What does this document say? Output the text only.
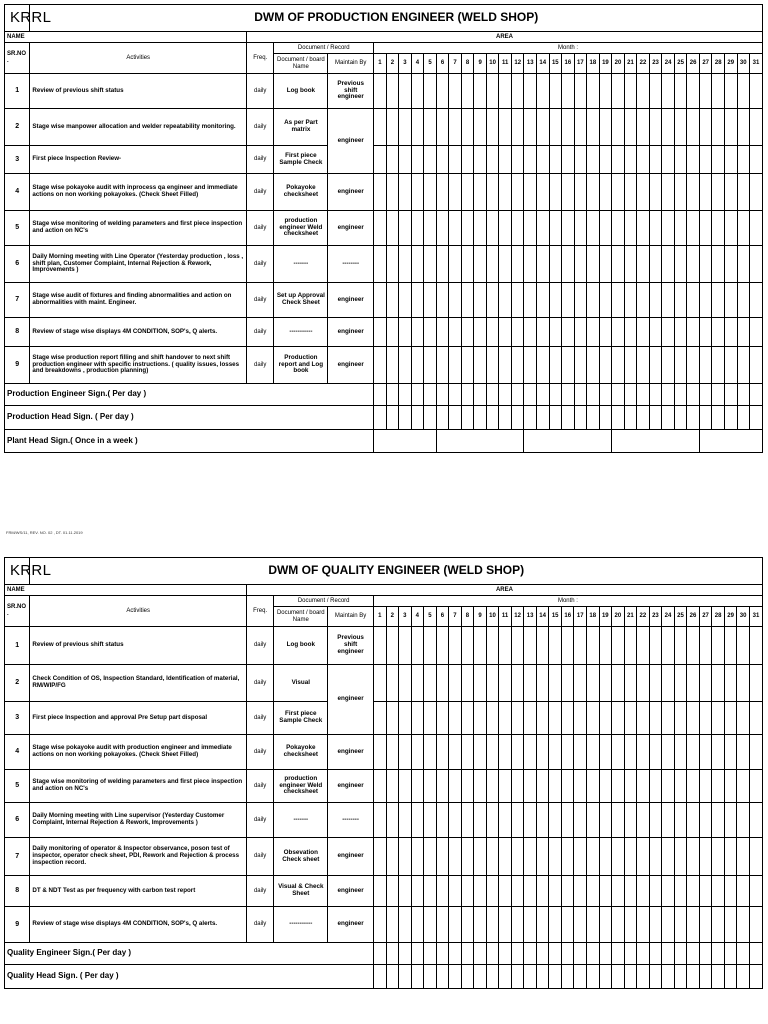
KRRL	DWM OF PRODUCTION ENGINEER (WELD SHOP)																																		
NAME		AREA																																	
SR.NO .	Activities	Freq.	Document / Record		Month :																														
			Document / board Name	Maintain By	1	2	3	4	5	6	7	8	9	10	11	12	13	14	15	16	17	18	19	20	21	22	23	24	25	26	27	28	29	30	31
1	Review of previous shift status	daily	Log book	Previous shift engineer																															
2	Stage wise manpower allocation and welder repeatability monitoring.	daily	As per Part matrix	engineer																															
3	First piece Inspection Review-	daily	First piece Sample Check																																
4	Stage wise pokayoke audit with inprocess qa engineer and immediate actions on non working pokayokes. (Check Sheet Filled)	daily	Pokayoke checksheet	engineer																															
5	Stage wise monitoring of welding parameters and first piece inspection and action on NC's	daily	production engineer Weld checksheet	engineer																															
6	Daily Morning meeting with Line Operator (Yesterday production , loss , shift plan, Customer Complaint, Internal Rejection & Rework, Improvements )	daily	-------	--------																															
7	Stage wise audit of fixtures and finding abnormalities and action on abnormalities with maint. Engineer.	daily	Set up Approval Check Sheet	engineer																															
8	Review of stage wise displays 4M CONDITION, SOP's, Q alerts.	daily	-----------	engineer																															
9	Stage wise production report filling and shift handover to next shift production engineer with specific instructions. ( quality issues, losses and breakdowns , production planning)	daily	Production report and Log book	engineer																															
Production Engineer Sign.( Per day )																																			
Production Head Sign. ( Per day )																																			
Plant Head Sign.( Once in a week )																																			
FRM/WS/11, REV. NO. 02 , DT. 01.11.2019
KRRL	DWM OF QUALITY ENGINEER (WELD SHOP)																																		
NAME		AREA																																	
SR.NO .	Activities	Freq.	Document / Record		Month :																														
			Document / board Name	Maintain By	1	2	3	4	5	6	7	8	9	10	11	12	13	14	15	16	17	18	19	20	21	22	23	24	25	26	27	28	29	30	31
1	Review of previous shift status	daily	Log book	Previous shift engineer																															
2	Check Condition of OS, Inspection Standard, Identification of material, RM/WIP/FG	daily	Visual	engineer																															
3	First piece Inspection and approval Pre Setup part disposal	daily	First piece Sample Check																																
4	Stage wise pokayoke audit with production engineer and immediate actions on non working pokayokes. (Check Sheet Filled)	daily	Pokayoke checksheet	engineer																															
5	Stage wise monitoring of welding parameters and first piece inspection and action on NC's	daily	production engineer Weld checksheet	engineer																															
6	Daily Morning meeting with Line supervisor (Yesterday Customer Complaint, Internal Rejection & Rework, Improvements )	daily	-------	--------																															
7	Daily monitoring of operator & Inspector observance, poson test of inspector, operator check sheet, PDI, Rework and Rejection & process inspection record.	daily	Obsevation Check sheet	engineer																															
8	DT & NDT Test as per frequency with carbon test report	daily	Visual & Check Sheet	engineer																															
9	Review of stage wise displays 4M CONDITION, SOP's, Q alerts.	daily	-----------	engineer																															
Quality Engineer Sign.( Per day )																																			
Quality Head Sign. ( Per day )																																			
